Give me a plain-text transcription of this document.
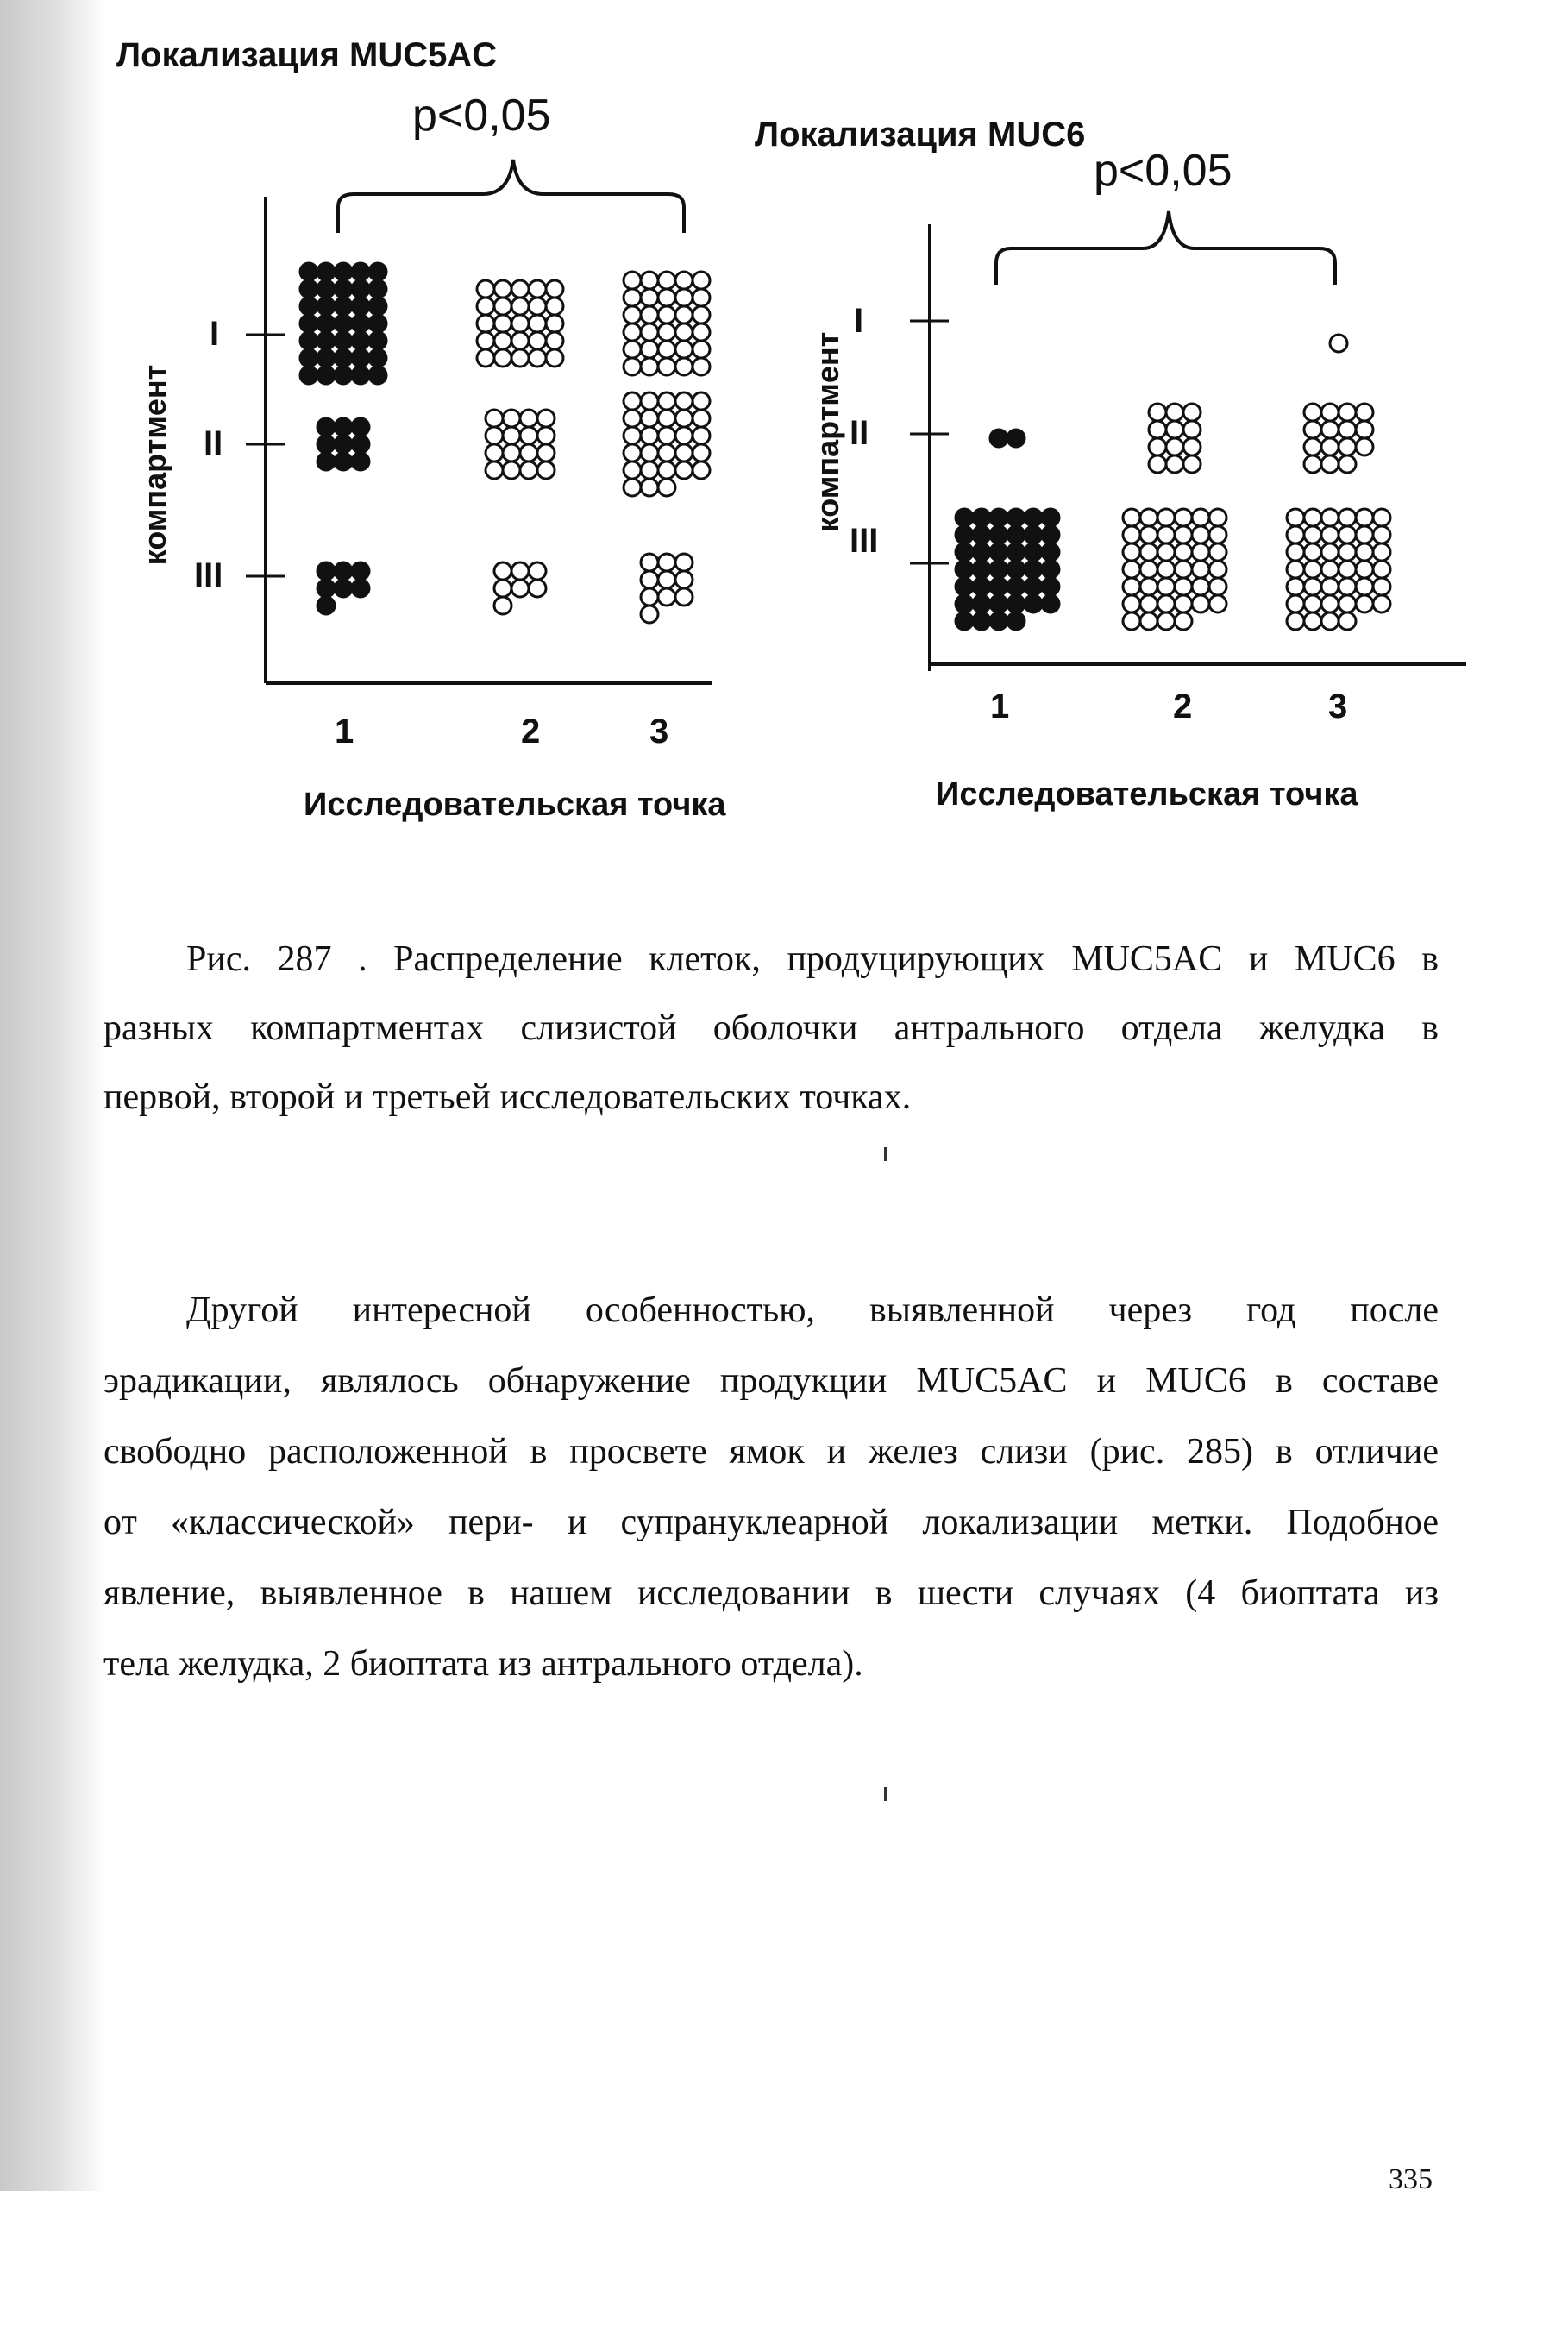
Локализация MUC5AC
p<0,05
компартмент
I
II
III
1	2	3
Исследовательская точка
Локализация MUC6
p<0,05
компартмент
I
II
III
1	2	3
Исследовательская точка

Рис. 287 . Распределение клеток, продуцирующих MUC5AC и MUC6 в

разных компартментах слизистой оболочки антрального отдела желудка в

первой, второй и третьей исследовательских точках.

Другой интересной особенностью, выявленной через год после

эрадикации, являлось обнаружение продукции MUC5AC и MUC6 в составе

свободно расположенной в просвете ямок и желез слизи (рис. 285) в отличие

от «классической» пери- и супрануклеарной локализации метки. Подобное

явление, выявленное в нашем исследовании в шести случаях (4 биоптата из

тела желудка, 2 биоптата из антрального отдела).

335
